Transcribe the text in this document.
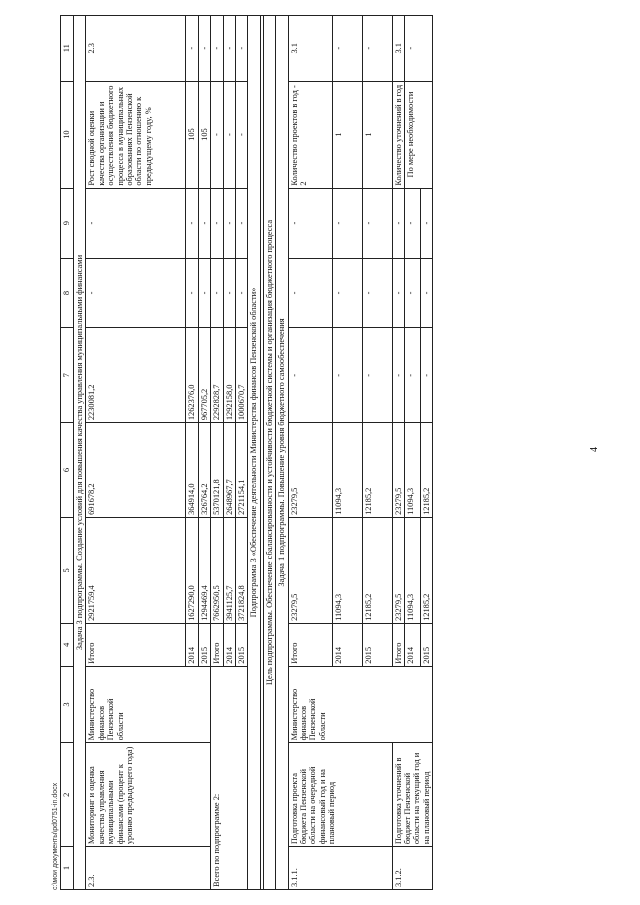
4
1	2	3	4	5	6	7	8	9	10	11
Задача 3 подпрограммы. Создание условий для повышения качества управления муниципальными финансами										
2.3.	Мониторинг и оценка качества управления муниципальными финансами (процент к уровню предыдущего года)	Министерство финансов Пензенской области	Итого	2921759,4	691678,2	2230081,2	-	-	Рост сводной оценки качества организации и осуществления бюджетного процесса в муниципальных образованиях Пензенской области по отношению к предыдущему году, %	2.3
			2014	1627290,0	364914,0	1262376,0	-	-	105	-
			2015	1294469,4	326764,2	967705,2	-	-	105	-
Всего по подпрограмме 2:			Итого	7662950,5	5370121,8	2292828,7	-	-	-	-
			2014	3941125,7	2648967,7	1292158,0	-	-	-	-
			2015	3721824,8	2721154,1	1000670,7	-	-	-	-
Подпрограмма 3 «Обеспечение деятельности Министерства финансов Пензенской области»										

Цель подпрограммы. Обеспечение сбалансированности и устойчивости бюджетной системы и организация бюджетного процесса										
Задача 1 подпрограммы. Повышение уровня бюджетного самообеспечения										
3.1.1.	Подготовка проекта бюджета Пензенской области на очередной финансовый год и на плановый период	Министерство финансов Пензенской области	Итого	23279,5	23279,5	-	-	-	Количество проектов в год - 2	3.1
			2014	11094,3	11094,3	-	-	-	1	-
			2015	12185,2	12185,2	-	-	-	1	-
3.1.2.	Подготовка уточнений в бюджет Пензенской области на текущий год и на плановый период		Итого	23279,5	23279,5	-	-	-	Количество уточнений в год	3.1
			2014	11094,3	11094,3	-	-	-	По мере необходимости	-
			2015	12185,2	12185,2	-	-	-		
c:\мои документы\pd0751-in.docx
